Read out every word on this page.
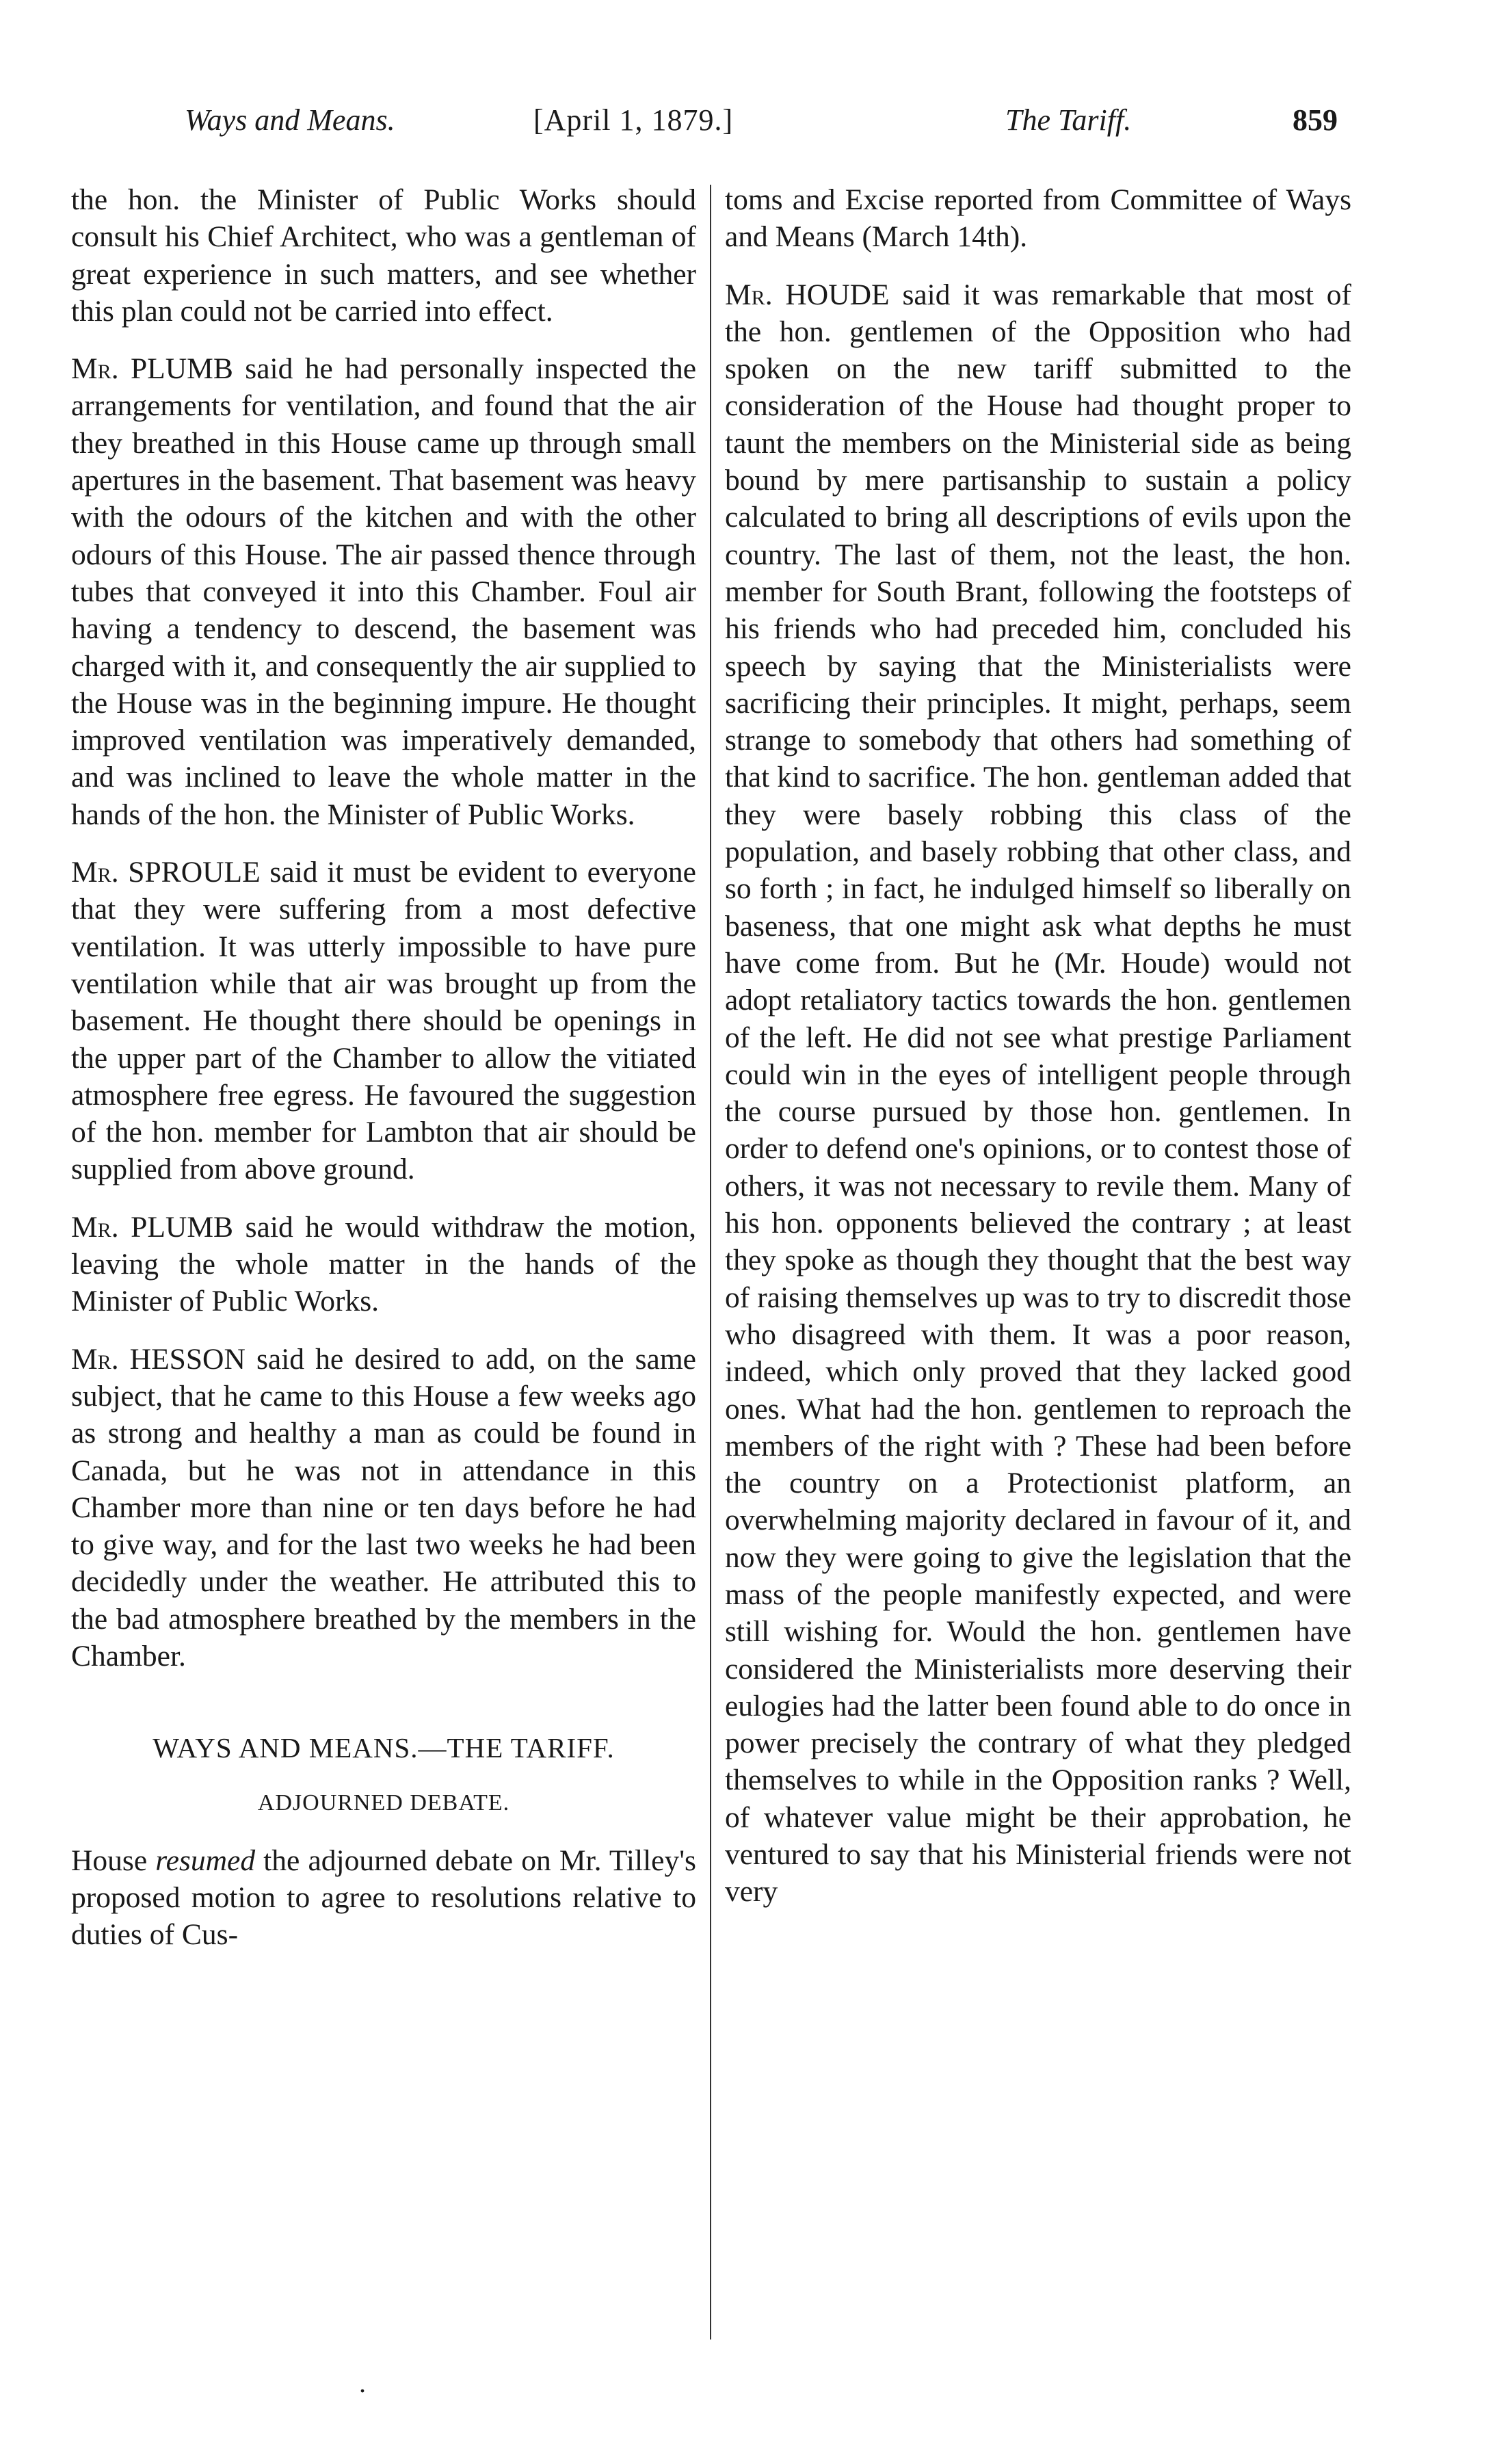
Ways and Means.	[April 1, 1879.]	The Tariff.	859

the hon. the Minister of Public Works should consult his Chief Architect, who was a gentleman of great experience in such matters, and see whether this plan could not be carried into effect.

Mr. PLUMB said he had personally inspected the arrangements for ventilation, and found that the air they breathed in this House came up through small apertures in the basement. That basement was heavy with the odours of the kitchen and with the other odours of this House. The air passed thence through tubes that conveyed it into this Chamber. Foul air having a tendency to descend, the basement was charged with it, and consequently the air supplied to the House was in the beginning impure. He thought improved ventilation was imperatively demanded, and was inclined to leave the whole matter in the hands of the hon. the Minister of Public Works.

Mr. SPROULE said it must be evident to everyone that they were suffering from a most defective ventilation. It was utterly impossible to have pure ventilation while that air was brought up from the basement. He thought there should be openings in the upper part of the Chamber to allow the vitiated atmosphere free egress. He favoured the suggestion of the hon. member for Lambton that air should be supplied from above ground.

Mr. PLUMB said he would withdraw the motion, leaving the whole matter in the hands of the Minister of Public Works.

Mr. HESSON said he desired to add, on the same subject, that he came to this House a few weeks ago as strong and healthy a man as could be found in Canada, but he was not in attendance in this Chamber more than nine or ten days before he had to give way, and for the last two weeks he had been decidedly under the weather. He attributed this to the bad atmosphere breathed by the members in the Chamber.

WAYS AND MEANS.—THE TARIFF.

ADJOURNED DEBATE.

House resumed the adjourned debate on Mr. Tilley's proposed motion to agree to resolutions relative to duties of Cus-

toms and Excise reported from Committee of Ways and Means (March 14th).

Mr. HOUDE said it was remarkable that most of the hon. gentlemen of the Opposition who had spoken on the new tariff submitted to the consideration of the House had thought proper to taunt the members on the Ministerial side as being bound by mere partisanship to sustain a policy calculated to bring all descriptions of evils upon the country. The last of them, not the least, the hon. member for South Brant, following the footsteps of his friends who had preceded him, concluded his speech by saying that the Ministerialists were sacrificing their principles. It might, perhaps, seem strange to somebody that others had something of that kind to sacrifice. The hon. gentleman added that they were basely robbing this class of the population, and basely robbing that other class, and so forth ; in fact, he indulged himself so liberally on baseness, that one might ask what depths he must have come from. But he (Mr. Houde) would not adopt retaliatory tactics towards the hon. gentlemen of the left. He did not see what prestige Parliament could win in the eyes of intelligent people through the course pursued by those hon. gentlemen. In order to defend one's opinions, or to contest those of others, it was not necessary to revile them. Many of his hon. opponents believed the contrary ; at least they spoke as though they thought that the best way of raising themselves up was to try to discredit those who disagreed with them. It was a poor reason, indeed, which only proved that they lacked good ones. What had the hon. gentlemen to reproach the members of the right with ? These had been before the country on a Protectionist platform, an overwhelming majority declared in favour of it, and now they were going to give the legislation that the mass of the people manifestly expected, and were still wishing for. Would the hon. gentlemen have considered the Ministerialists more deserving their eulogies had the latter been found able to do once in power precisely the contrary of what they pledged themselves to while in the Opposition ranks ? Well, of whatever value might be their approbation, he ventured to say that his Ministerial friends were not very

.
